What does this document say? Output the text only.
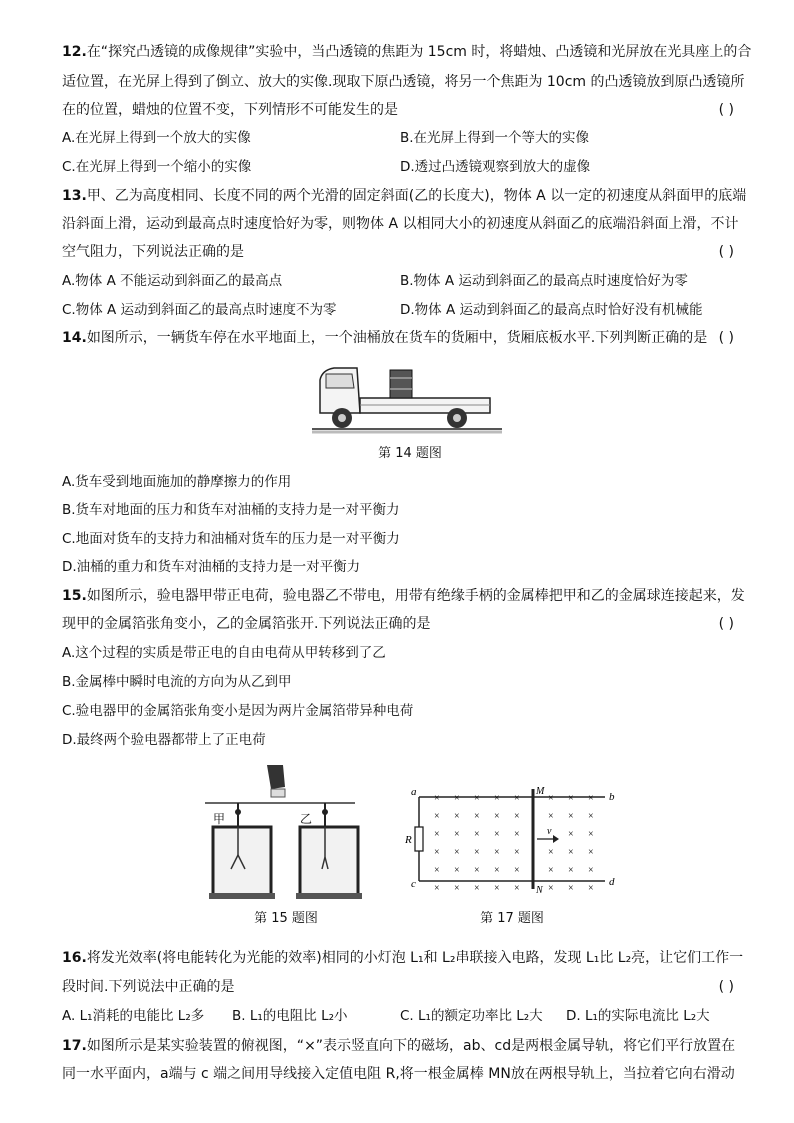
12.在“探究凸透镜的成像规律”实验中，当凸透镜的焦距为 15cm 时，将蜡烛、凸透镜和光屏放在光具座上的合
适位置，在光屏上得到了倒立、放大的实像.现取下原凸透镜，将另一个焦距为 10cm 的凸透镜放到原凸透镜所
在的位置，蜡烛的位置不变，下列情形不可能发生的是	( )
A.在光屏上得到一个放大的实像	B.在光屏上得到一个等大的实像
C.在光屏上得到一个缩小的实像	D.透过凸透镜观察到放大的虚像
13.甲、乙为高度相同、长度不同的两个光滑的固定斜面(乙的长度大)，物体 A 以一定的初速度从斜面甲的底端
沿斜面上滑，运动到最高点时速度恰好为零，则物体 A 以相同大小的初速度从斜面乙的底端沿斜面上滑，不计
空气阻力，下列说法正确的是	( )
A.物体 A 不能运动到斜面乙的最高点	B.物体 A 运动到斜面乙的最高点时速度恰好为零
C.物体 A 运动到斜面乙的最高点时速度不为零	D.物体 A 运动到斜面乙的最高点时恰好没有机械能
14.如图所示，一辆货车停在水平地面上，一个油桶放在货车的货厢中，货厢底板水平.下列判断正确的是 ( )
第 14 题图
A.货车受到地面施加的静摩擦力的作用
B.货车对地面的压力和货车对油桶的支持力是一对平衡力
C.地面对货车的支持力和油桶对货车的压力是一对平衡力
D.油桶的重力和货车对油桶的支持力是一对平衡力
15.如图所示，验电器甲带正电荷，验电器乙不带电，用带有绝缘手柄的金属棒把甲和乙的金属球连接起来，发
现甲的金属箔张角变小，乙的金属箔张开.下列说法正确的是	( )
A.这个过程的实质是带正电的自由电荷从甲转移到了乙
B.金属棒中瞬时电流的方向为从乙到甲
C.验电器甲的金属箔张角变小是因为两片金属箔带异种电荷
D.最终两个验电器都带上了正电荷
甲	乙
第 15 题图
× × × × ×	× × ×
× × × × ×	× × ×
× × × × ×	× ×
× × × × ×	× × ×
× × × × ×	× × ×
× × × × ×	× × ×
a	b
c	d
R
M
N
v
第 17 题图
16.将发光效率(将电能转化为光能的效率)相同的小灯泡 L₁和 L₂串联接入电路，发现 L₁比 L₂亮，让它们工作一
段时间.下列说法中正确的是	( )
A. L₁消耗的电能比 L₂多 B. L₁的电阻比 L₂小	C. L₁的额定功率比 L₂大 D. L₁的实际电流比 L₂大
17.如图所示是某实验装置的俯视图，“×”表示竖直向下的磁场，ab、cd是两根金属导轨，将它们平行放置在
同一水平面内，a端与 c 端之间用导线接入定值电阻 R,将一根金属棒 MN放在两根导轨上，当拉着它向右滑动
